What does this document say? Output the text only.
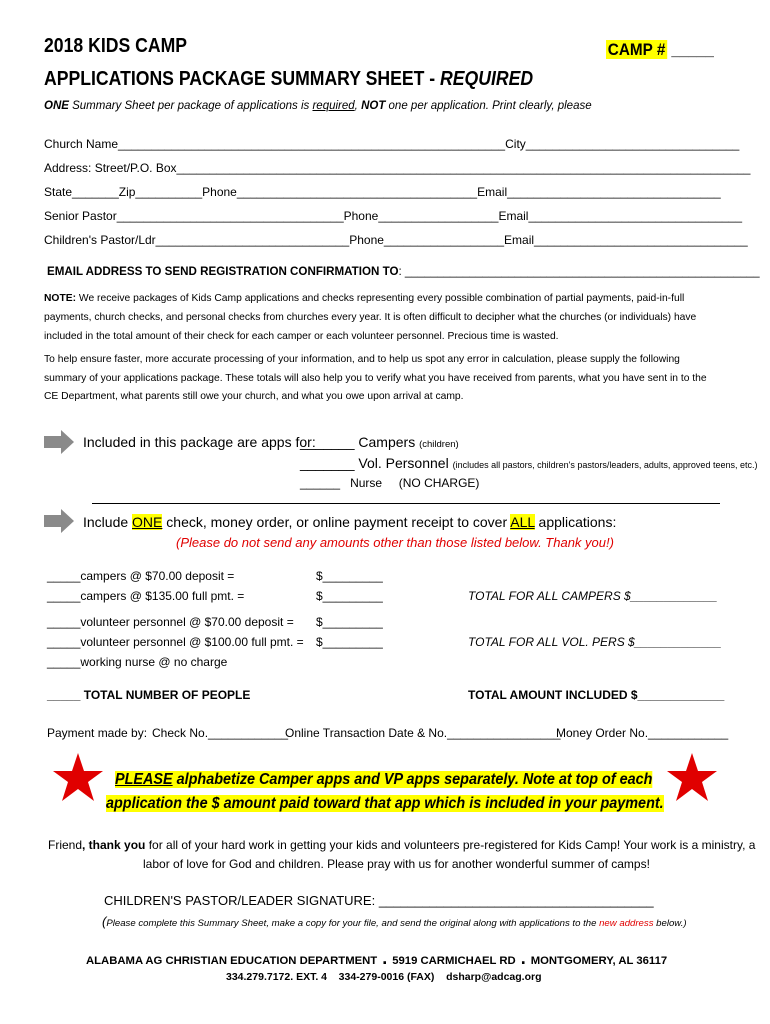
2018 KIDS CAMP	CAMP # _____
APPLICATIONS PACKAGE SUMMARY SHEET - REQUIRED
ONE Summary Sheet per package of applications is required, NOT one per application. Print clearly, please
Church Name__________________________________________________________City________________________________
Address: Street/P.O. Box______________________________________________________________________________________
State_______Zip__________Phone____________________________________Email________________________________
Senior Pastor__________________________________Phone__________________Email________________________________
Children's Pastor/Ldr_____________________________Phone__________________Email________________________________
EMAIL ADDRESS TO SEND REGISTRATION CONFIRMATION TO: _______________________________________________________
NOTE: We receive packages of Kids Camp applications and checks representing every possible combination of partial payments, paid-in-full
payments, church checks, and personal checks from churches every year. It is often difficult to decipher what the churches (or individuals) have
included in the total amount of their check for each camper or each volunteer personnel. Precious time is wasted.
To help ensure faster, more accurate processing of your information, and to help us spot any error in calculation, please supply the following
summary of your applications package. These totals will also help you to verify what you have received from parents, what you have sent in to the
CE Department, what parents still owe your church, and what you owe upon arrival at camp.
Included in this package are apps for:
_______ Campers (children)
_______ Vol. Personnel (includes all pastors, children's pastors/leaders, adults, approved teens, etc.)
______ Nurse (NO CHARGE)
Include ONE check, money order, or online payment receipt to cover ALL applications:
(Please do not send any amounts other than those listed below. Thank you!)
_____campers @ $70.00 deposit =	$_________
_____campers @ $135.00 full pmt. =	$_________	TOTAL FOR ALL CAMPERS $_____________
_____volunteer personnel @ $70.00 deposit = $_________
_____volunteer personnel @ $100.00 full pmt. = $_________	TOTAL FOR ALL VOL. PERS $_____________
_____working nurse @ no charge
_____ TOTAL NUMBER OF PEOPLE	TOTAL AMOUNT INCLUDED $_____________
Payment made by: Check No.____________
Online Transaction Date & No._________________
Money Order No.____________
PLEASE alphabetize Camper apps and VP apps separately. Note at top of each
application the $ amount paid toward that app which is included in your payment.
Friend, thank you for all of your hard work in getting your kids and volunteers pre-registered for Kids Camp! Your work is a ministry, a
labor of love for God and children. Please pray with us for another wonderful summer of camps!
CHILDREN'S PASTOR/LEADER SIGNATURE: ______________________________________
(Please complete this Summary Sheet, make a copy for your file, and send the original along with applications to the new address below.)
ALABAMA AG CHRISTIAN EDUCATION DEPARTMENT . 5919 CARMICHAEL RD . MONTGOMERY, AL 36117
334.279.7172. EXT. 4 334-279-0016 (FAX) dsharp@adcag.org
